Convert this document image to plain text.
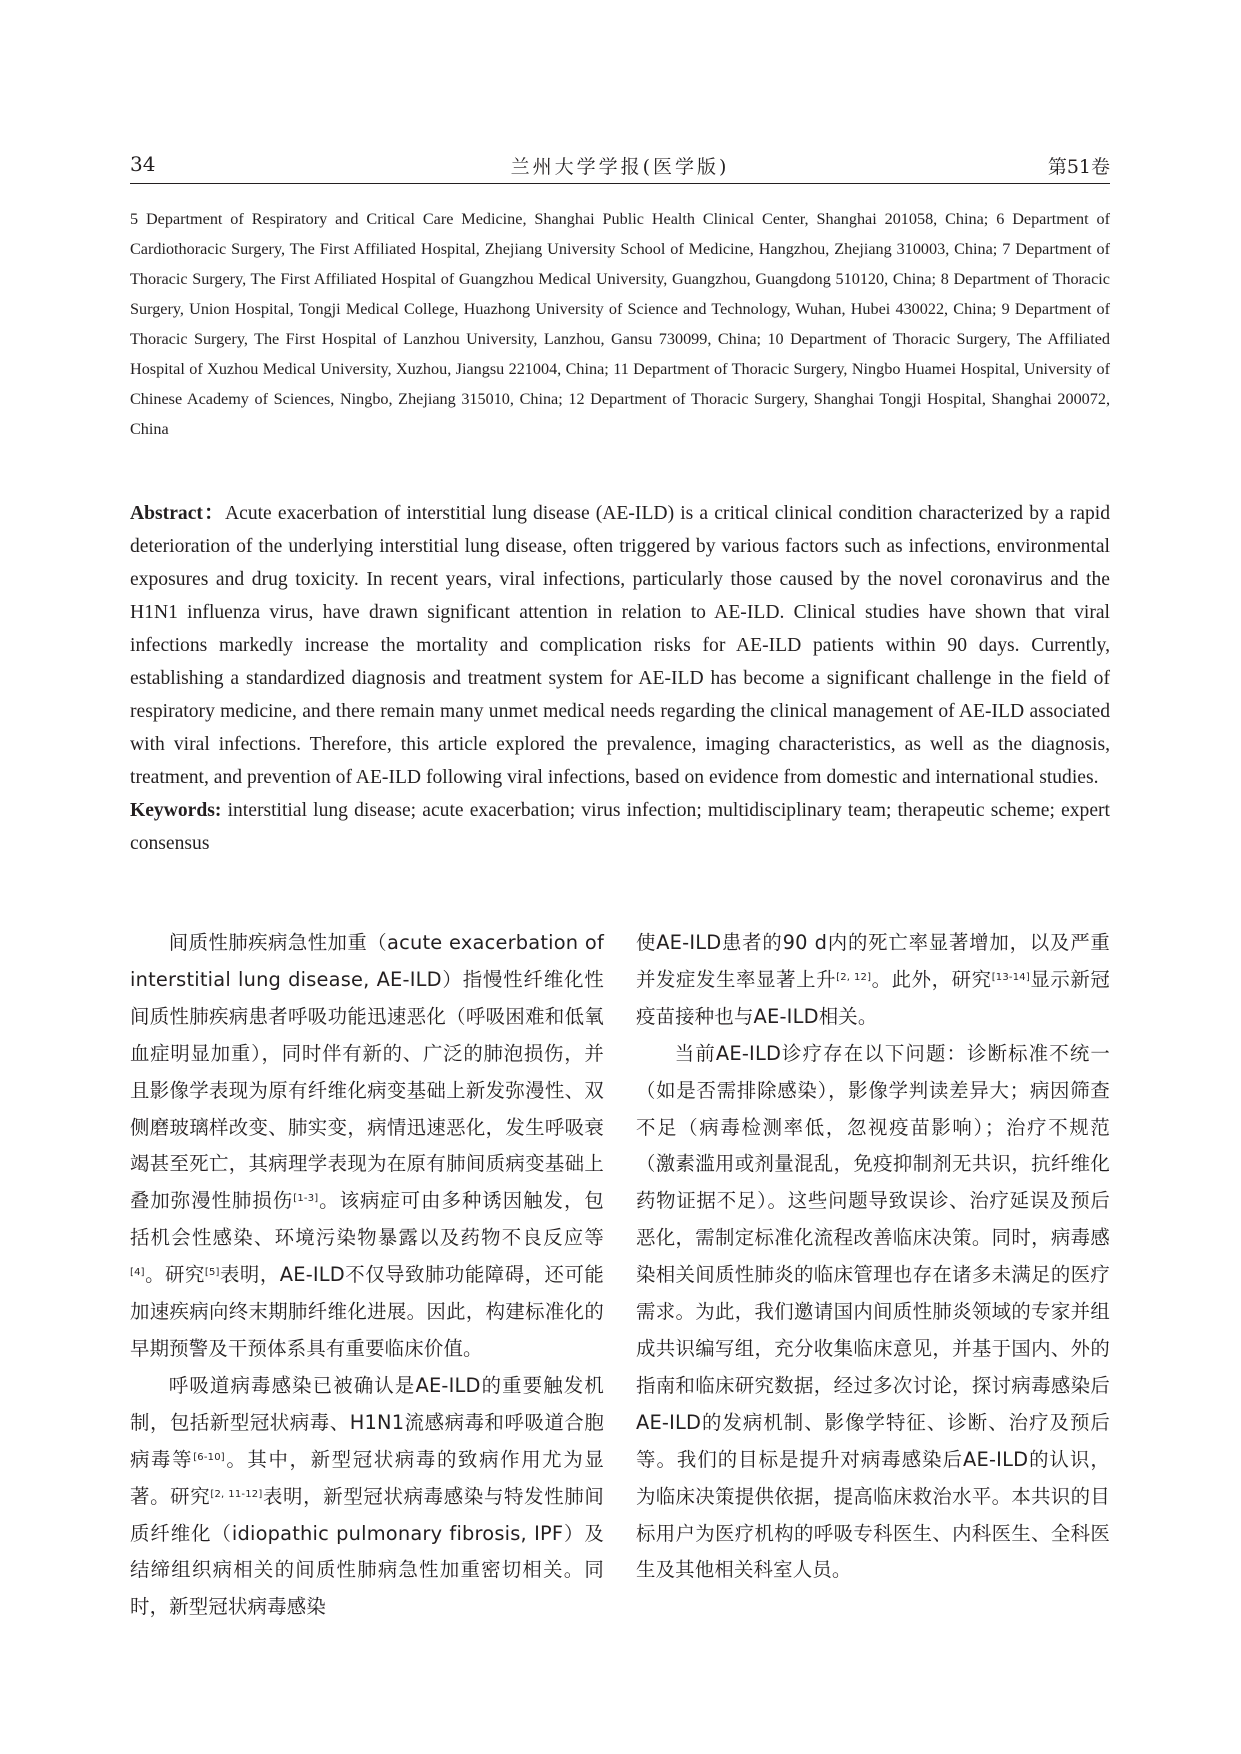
34	兰州大学学报(医学版)	第51卷

5 Department of Respiratory and Critical Care Medicine, Shanghai Public Health Clinical Center, Shanghai 201058, China; 6 Department of Cardiothoracic Surgery, The First Affiliated Hospital, Zhejiang University School of Medicine, Hangzhou, Zhejiang 310003, China; 7 Department of Thoracic Surgery, The First Affiliated Hospital of Guangzhou Medical University, Guangzhou, Guangdong 510120, China; 8 Department of Thoracic Surgery, Union Hospital, Tongji Medical College, Huazhong University of Science and Technology, Wuhan, Hubei 430022, China; 9 Department of Thoracic Surgery, The First Hospital of Lanzhou University, Lanzhou, Gansu 730099, China; 10 Department of Thoracic Surgery, The Affiliated Hospital of Xuzhou Medical University, Xuzhou, Jiangsu 221004, China; 11 Department of Thoracic Surgery, Ningbo Huamei Hospital, University of Chinese Academy of Sciences, Ningbo, Zhejiang 315010, China; 12 Department of Thoracic Surgery, Shanghai Tongji Hospital, Shanghai 200072, China

Abstract：Acute exacerbation of interstitial lung disease (AE-ILD) is a critical clinical condition characterized by a rapid deterioration of the underlying interstitial lung disease, often triggered by various factors such as infections, environmental exposures and drug toxicity. In recent years, viral infections, particularly those caused by the novel coronavirus and the H1N1 influenza virus, have drawn significant attention in relation to AE-ILD. Clinical studies have shown that viral infections markedly increase the mortality and complication risks for AE-ILD patients within 90 days. Currently, establishing a standardized diagnosis and treatment system for AE-ILD has become a significant challenge in the field of respiratory medicine, and there remain many unmet medical needs regarding the clinical management of AE-ILD associated with viral infections. Therefore, this article explored the prevalence, imaging characteristics, as well as the diagnosis, treatment, and prevention of AE-ILD following viral infections, based on evidence from domestic and international studies.
Keywords: interstitial lung disease; acute exacerbation; virus infection; multidisciplinary team; therapeutic scheme; expert consensus

间质性肺疾病急性加重（acute exacerbation of interstitial lung disease, AE-ILD）指慢性纤维化性间质性肺疾病患者呼吸功能迅速恶化（呼吸困难和低氧血症明显加重），同时伴有新的、广泛的肺泡损伤，并且影像学表现为原有纤维化病变基础上新发弥漫性、双侧磨玻璃样改变、肺实变，病情迅速恶化，发生呼吸衰竭甚至死亡，其病理学表现为在原有肺间质病变基础上叠加弥漫性肺损伤[1-3]。该病症可由多种诱因触发，包括机会性感染、环境污染物暴露以及药物不良反应等[4]。研究[5]表明，AE-ILD不仅导致肺功能障碍，还可能加速疾病向终末期肺纤维化进展。因此，构建标准化的早期预警及干预体系具有重要临床价值。

呼吸道病毒感染已被确认是AE-ILD的重要触发机制，包括新型冠状病毒、H1N1流感病毒和呼吸道合胞病毒等[6-10]。其中，新型冠状病毒的致病作用尤为显著。研究[2, 11-12]表明，新型冠状病毒感染与特发性肺间质纤维化（idiopathic pulmonary fibrosis, IPF）及结缔组织病相关的间质性肺病急性加重密切相关。同时，新型冠状病毒感染

使AE-ILD患者的90 d内的死亡率显著增加，以及严重并发症发生率显著上升[2, 12]。此外，研究[13-14]显示新冠疫苗接种也与AE-ILD相关。

当前AE-ILD诊疗存在以下问题：诊断标准不统一（如是否需排除感染），影像学判读差异大；病因筛查不足（病毒检测率低，忽视疫苗影响）；治疗不规范（激素滥用或剂量混乱，免疫抑制剂无共识，抗纤维化药物证据不足）。这些问题导致误诊、治疗延误及预后恶化，需制定标准化流程改善临床决策。同时，病毒感染相关间质性肺炎的临床管理也存在诸多未满足的医疗需求。为此，我们邀请国内间质性肺炎领域的专家并组成共识编写组，充分收集临床意见，并基于国内、外的指南和临床研究数据，经过多次讨论，探讨病毒感染后AE-ILD的发病机制、影像学特征、诊断、治疗及预后等。我们的目标是提升对病毒感染后AE-ILD的认识，为临床决策提供依据，提高临床救治水平。本共识的目标用户为医疗机构的呼吸专科医生、内科医生、全科医生及其他相关科室人员。
